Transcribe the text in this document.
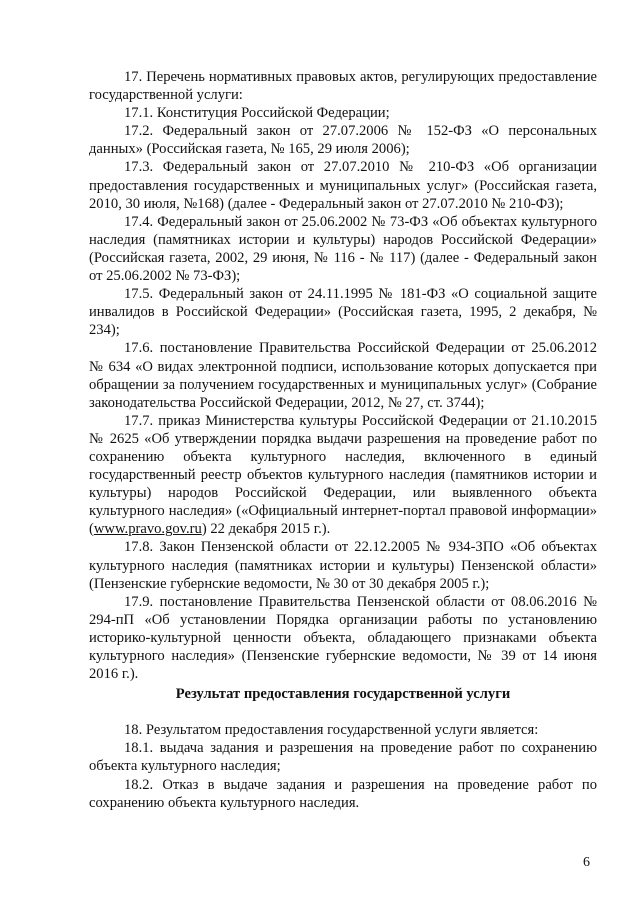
17. Перечень нормативных правовых актов, регулирующих предоставление государственной услуги:

17.1. Конституция Российской Федерации;

17.2. Федеральный закон от 27.07.2006 № 152-ФЗ «О персональных данных» (Российская газета, № 165, 29 июля 2006);

17.3. Федеральный закон от 27.07.2010 № 210-ФЗ «Об организации предоставления государственных и муниципальных услуг» (Российская газета, 2010, 30 июля, №168) (далее - Федеральный закон от 27.07.2010 № 210-ФЗ);

17.4. Федеральный закон от 25.06.2002 № 73-ФЗ «Об объектах культурного наследия (памятниках истории и культуры) народов Российской Федерации» (Российская газета, 2002, 29 июня, № 116 - № 117) (далее - Федеральный закон от 25.06.2002 № 73-ФЗ);

17.5. Федеральный закон от 24.11.1995 № 181-ФЗ «О социальной защите инвалидов в Российской Федерации» (Российская газета, 1995, 2 декабря, № 234);

17.6. постановление Правительства Российской Федерации от 25.06.2012 № 634 «О видах электронной подписи, использование которых допускается при обращении за получением государственных и муниципальных услуг» (Собрание законодательства Российской Федерации, 2012, № 27, ст. 3744);

17.7. приказ Министерства культуры Российской Федерации от 21.10.2015 № 2625 «Об утверждении порядка выдачи разрешения на проведение работ по сохранению объекта культурного наследия, включенного в единый государственный реестр объектов культурного наследия (памятников истории и культуры) народов Российской Федерации, или выявленного объекта культурного наследия» («Официальный интернет-портал правовой информации» (www.pravo.gov.ru) 22 декабря 2015 г.).

17.8. Закон Пензенской области от 22.12.2005 № 934-ЗПО «Об объектах культурного наследия (памятниках истории и культуры) Пензенской области» (Пензенские губернские ведомости, № 30 от 30 декабря 2005 г.);

17.9. постановление Правительства Пензенской области от 08.06.2016 № 294-пП «Об установлении Порядка организации работы по установлению историко-культурной ценности объекта, обладающего признаками объекта культурного наследия» (Пензенские губернские ведомости, № 39 от 14 июня 2016 г.).

Результат предоставления государственной услуги

18. Результатом предоставления государственной услуги является:

18.1. выдача задания и разрешения на проведение работ по сохранению объекта культурного наследия;

18.2. Отказ в выдаче задания и разрешения на проведение работ по сохранению объекта культурного наследия.

6
